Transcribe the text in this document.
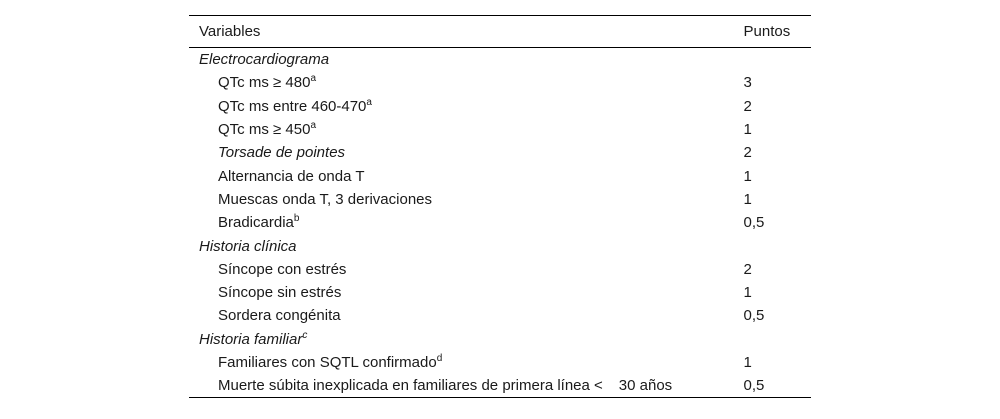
Variables	Puntos
Electrocardiograma	
QTc ms ≥ $480^a$	3
QTc ms entre 460-470$^a$	2
QTc ms ≥ $450^a$	1
Torsade de pointes	2
Alternancia de onda T	1
Muescas onda T, 3 derivaciones	1
Bradicardia$^b$	0,5
Historia clínica	
Síncope con estrés	2
Síncope sin estrés	1
Sordera congénita	0,5
Historia familiar$^c$	
Familiares con SQTL confirmado$^d$	1
Muerte súbita inexplicada en familiares de primera línea < 30 años	0,5
